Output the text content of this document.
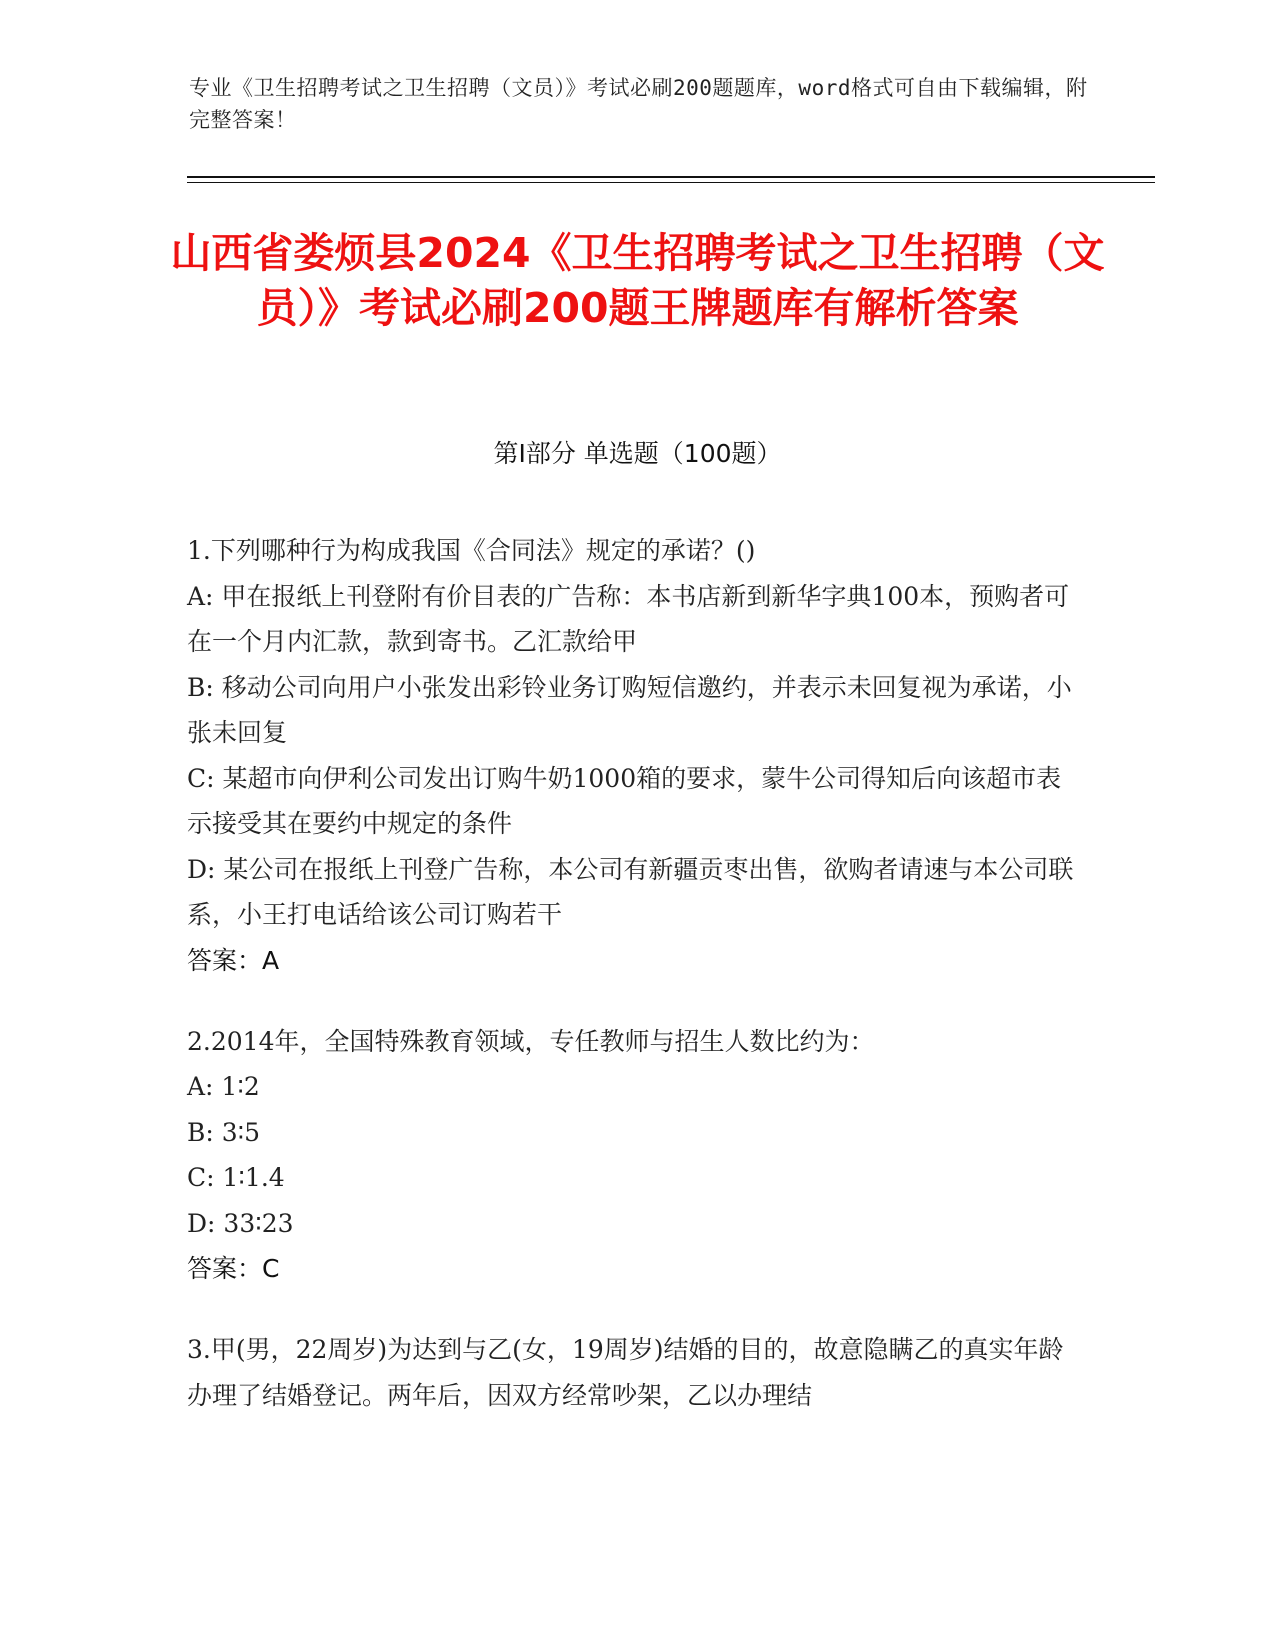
专业《卫生招聘考试之卫生招聘（文员）》考试必刷200题题库，word格式可自由下载编辑，附完整答案！
山西省娄烦县2024《卫生招聘考试之卫生招聘（文员）》考试必刷200题王牌题库有解析答案
第Ⅰ部分 单选题（100题）
1.下列哪种行为构成我国《合同法》规定的承诺？()
A: 甲在报纸上刊登附有价目表的广告称：本书店新到新华字典100本，预购者可在一个月内汇款，款到寄书。乙汇款给甲
B: 移动公司向用户小张发出彩铃业务订购短信邀约，并表示未回复视为承诺，小张未回复
C: 某超市向伊利公司发出订购牛奶1000箱的要求，蒙牛公司得知后向该超市表示接受其在要约中规定的条件
D: 某公司在报纸上刊登广告称，本公司有新疆贡枣出售，欲购者请速与本公司联系，小王打电话给该公司订购若干
答案：A
2.2014年，全国特殊教育领域，专任教师与招生人数比约为：
A: 1∶2
B: 3∶5
C: 1∶1.4
D: 33∶23
答案：C
3.甲(男，22周岁)为达到与乙(女，19周岁)结婚的目的，故意隐瞒乙的真实年龄办理了结婚登记。两年后，因双方经常吵架，乙以办理结
